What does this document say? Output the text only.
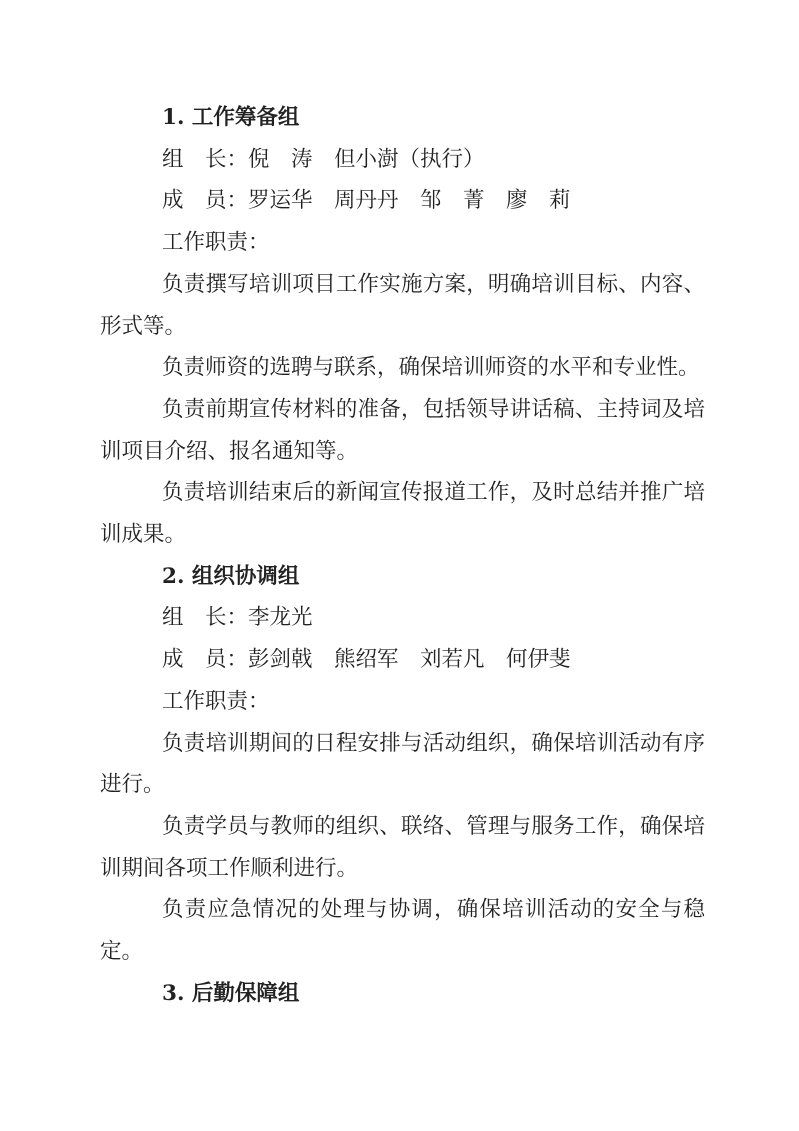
1. 工作筹备组

组　长：倪　涛　但小澍（执行）

成　员：罗运华　周丹丹　邹　菁　廖　莉

工作职责：

负责撰写培训项目工作实施方案，明确培训目标、内容、形式等。

负责师资的选聘与联系，确保培训师资的水平和专业性。

负责前期宣传材料的准备，包括领导讲话稿、主持词及培训项目介绍、报名通知等。

负责培训结束后的新闻宣传报道工作，及时总结并推广培训成果。

2. 组织协调组

组　长：李龙光

成　员：彭剑戟　熊绍军　刘若凡　何伊斐

工作职责：

负责培训期间的日程安排与活动组织，确保培训活动有序进行。

负责学员与教师的组织、联络、管理与服务工作，确保培训期间各项工作顺利进行。

负责应急情况的处理与协调，确保培训活动的安全与稳定。

3. 后勤保障组
